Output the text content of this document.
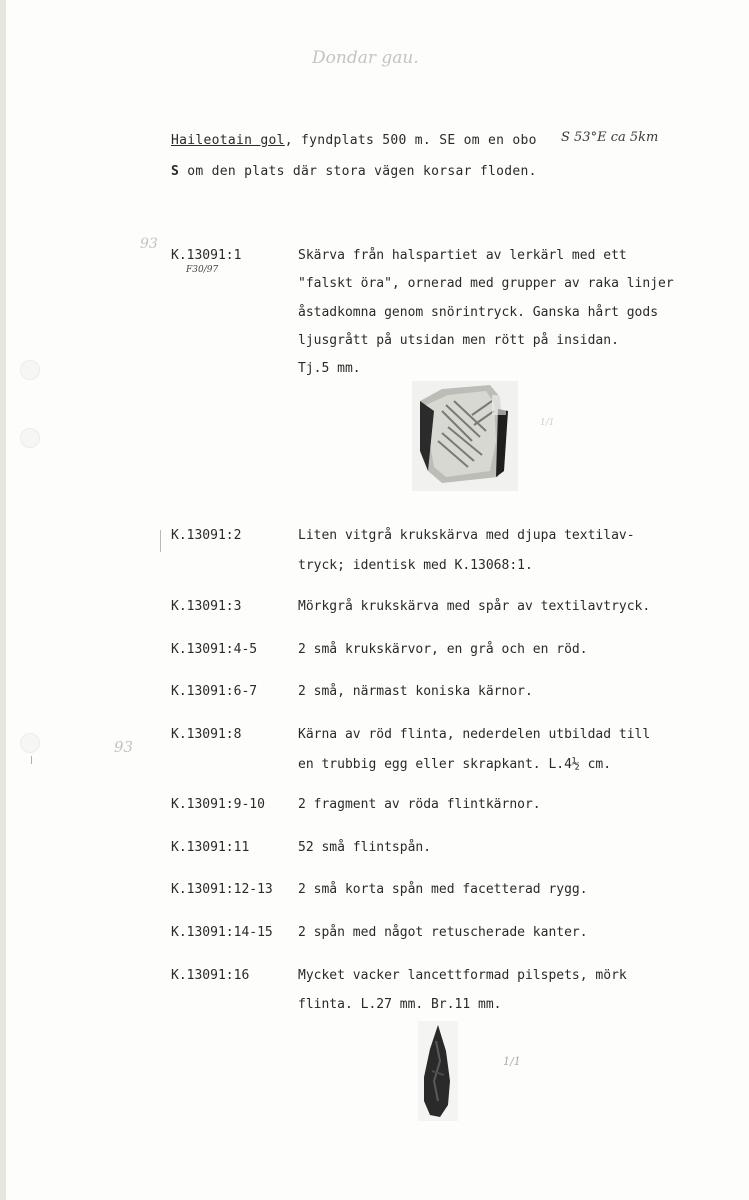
Dondar gau.
Haileotain gol, fyndplats 500 m. SE om en obo S 53°E ca 5km
S om den plats där stora vägen korsar floden.
93
F30/97
93
1/1
1/1
K.13091:1	Skärva från halspartiet av lerkärl med ett
"falskt öra", ornerad med grupper av raka linjer
åstadkomna genom snörintryck. Ganska hårt gods
ljusgrått på utsidan men rött på insidan.
Tj.5 mm.
K.13091:2	Liten vitgrå krukskärva med djupa textilav-
tryck; identisk med K.13068:1.
K.13091:3	Mörkgrå krukskärva med spår av textilavtryck.
K.13091:4-5	2 små krukskärvor, en grå och en röd.
K.13091:6-7	2 små, närmast koniska kärnor.
K.13091:8	Kärna av röd flinta, nederdelen utbildad till
en trubbig egg eller skrapkant. L.4½ cm.
K.13091:9-10	2 fragment av röda flintkärnor.
K.13091:11	52 små flintspån.
K.13091:12-13 2 små korta spån med facetterad rygg.
K.13091:14-15 2 spån med något retuscherade kanter.
K.13091:16	Mycket vacker lancettformad pilspets, mörk
flinta. L.27 mm. Br.11 mm.
